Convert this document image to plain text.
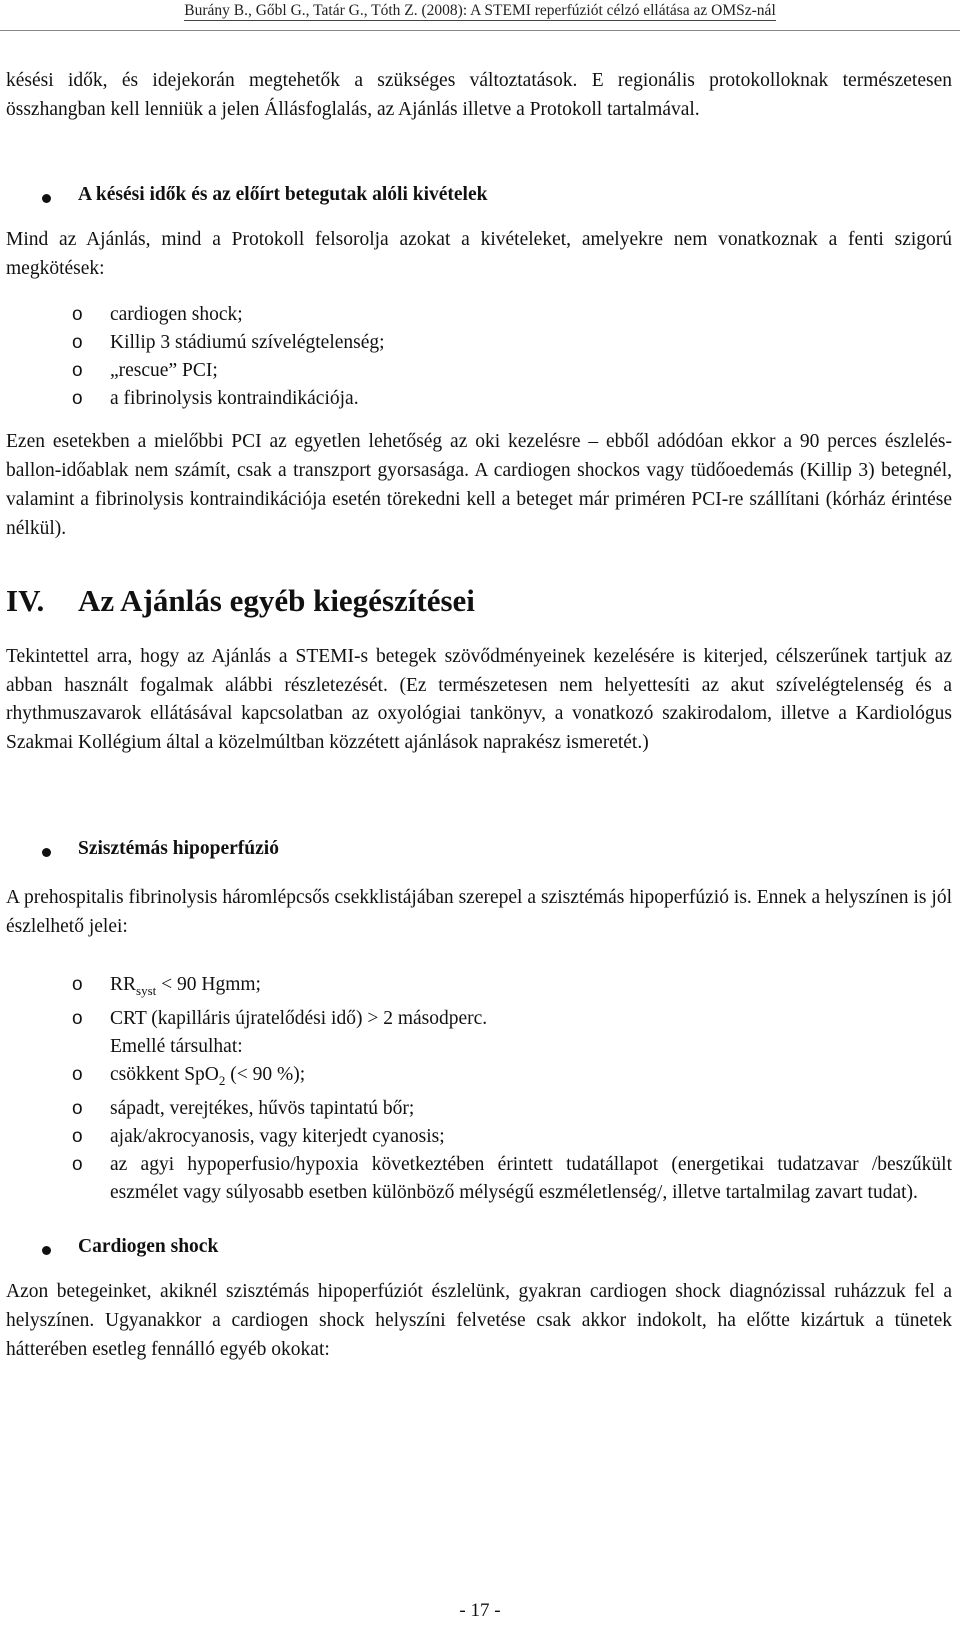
Burány B., Gőbl G., Tatár G., Tóth Z. (2008): A STEMI reperfúziót célzó ellátása az OMSz-nál

késési idők, és idejekorán megtehetők a szükséges változtatások. E regionális protokolloknak természetesen összhangban kell lenniük a jelen Állásfoglalás, az Ajánlás illetve a Protokoll tartalmával.

A késési idők és az előírt betegutak alóli kivételek

Mind az Ajánlás, mind a Protokoll felsorolja azokat a kivételeket, amelyekre nem vonatkoznak a fenti szigorú megkötések:

o cardiogen shock;
o Killip 3 stádiumú szívelégtelenség;
o „rescue” PCI;
o a fibrinolysis kontraindikációja.

Ezen esetekben a mielőbbi PCI az egyetlen lehetőség az oki kezelésre – ebből adódóan ekkor a 90 perces észlelés-ballon-időablak nem számít, csak a transzport gyorsasága. A cardiogen shockos vagy tüdőoedemás (Killip 3) betegnél, valamint a fibrinolysis kontraindikációja esetén törekedni kell a beteget már priméren PCI-re szállítani (kórház érintése nélkül).

IV. Az Ajánlás egyéb kiegészítései

Tekintettel arra, hogy az Ajánlás a STEMI-s betegek szövődményeinek kezelésére is kiterjed, célszerűnek tartjuk az abban használt fogalmak alábbi részletezését. (Ez természetesen nem helyettesíti az akut szívelégtelenség és a rhythmuszavarok ellátásával kapcsolatban az oxyológiai tankönyv, a vonatkozó szakirodalom, illetve a Kardiológus Szakmai Kollégium által a közelmúltban közzétett ajánlások naprakész ismeretét.)

Szisztémás hipoperfúzió

A prehospitalis fibrinolysis háromlépcsős csekklistájában szerepel a szisztémás hipoperfúzió is. Ennek a helyszínen is jól észlelhető jelei:

o $RR_{syst} < 90$ Hgmm;
o CRT (kapilláris újratelődési idő) > 2 másodperc.

Emellé társulhat:

o csökkent SpO$_2$ (< 90 %);
o sápadt, verejtékes, hűvös tapintatú bőr;
o ajak/akrocyanosis, vagy kiterjedt cyanosis;
o az agyi hypoperfusio/hypoxia következtében érintett tudatállapot (energetikai tudatzavar /beszűkült eszmélet vagy súlyosabb esetben különböző mélységű eszméletlenség/, illetve tartalmilag zavart tudat).

Cardiogen shock

Azon betegeinket, akiknél szisztémás hipoperfúziót észlelünk, gyakran cardiogen shock diagnózissal ruházzuk fel a helyszínen. Ugyanakkor a cardiogen shock helyszíni felvetése csak akkor indokolt, ha előtte kizártuk a tünetek hátterében esetleg fennálló egyéb okokat:

- 17 -
